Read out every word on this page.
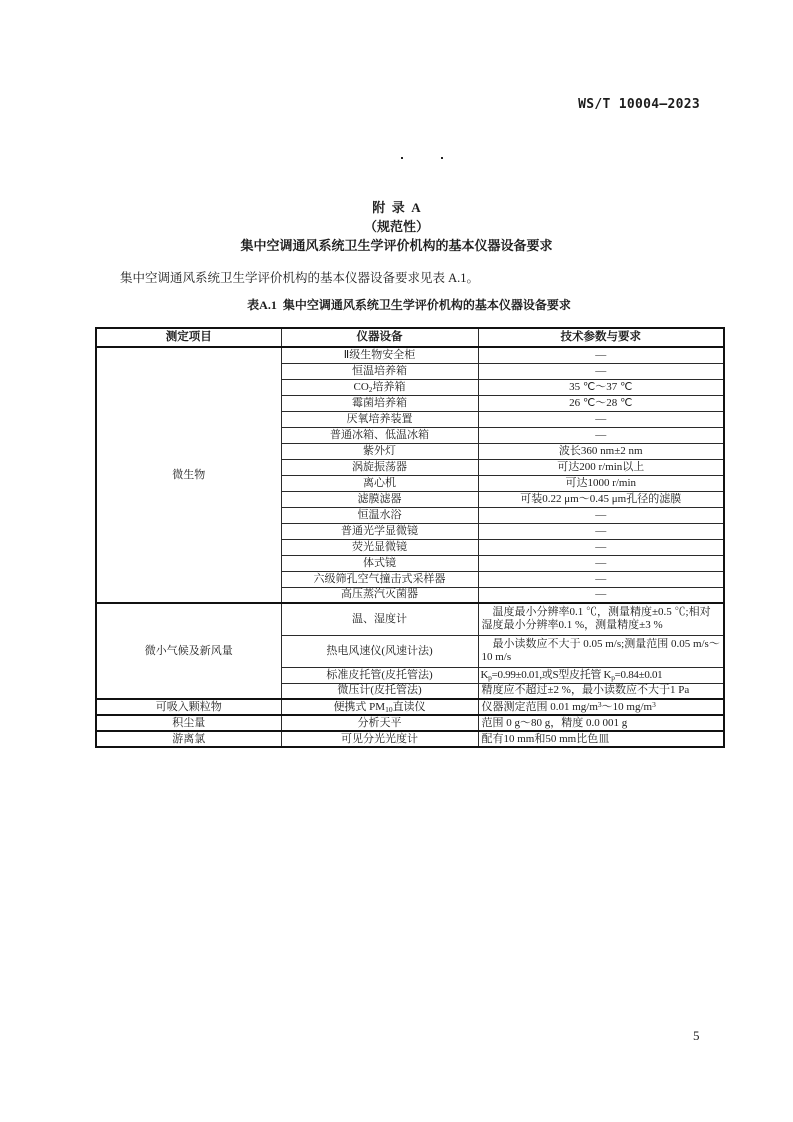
WS/T 10004—2023
附  录  A
（规范性）
集中空调通风系统卫生学评价机构的基本仪器设备要求
集中空调通风系统卫生学评价机构的基本仪器设备要求见表 A.1。
表A.1  集中空调通风系统卫生学评价机构的基本仪器设备要求
测定项目	仪器设备	技术参数与要求
微生物	Ⅱ级生物安全柜	—
	恒温培养箱	—
	$CO_2$培养箱	35 ℃～37 ℃
	霉菌培养箱	26 ℃～28 ℃
	厌氧培养装置	—
	普通冰箱、低温冰箱	—
	紫外灯	波长360 nm±2 nm
	涡旋振荡器	可达200 r/min以上
	离心机	可达1000 r/min
	滤膜滤器	可装0.22 μm～0.45 μm孔径的滤膜
	恒温水浴	—
	普通光学显微镜	—
	荧光显微镜	—
	体式镜	—
	六级筛孔空气撞击式采样器	—
	高压蒸汽灭菌器	—
微小气候及新风量	温、湿度计	温度最小分辨率0.1 ℃，测量精度±0.5 ℃;相对湿度最小分辨率0.1 %，测量精度±3 %
	热电风速仪(风速计法)	最小读数应不大于 0.05 m/s;测量范围 0.05 m/s～10 m/s
	标准皮托管(皮托管法)	$K_p=0.99\pm 0.01$,或S型皮托管 $K_p=0.84\pm 0.01$
	微压计(皮托管法)	精度应不超过±2 %，最小读数应不大于1 Pa
可吸入颗粒物	便携式 $PM_{10}$直读仪	仪器测定范围 0.01 $mg/m^3\sim 10$ $mg/m^3$
积尘量	分析天平	范围 0 g～80 g，精度 0.0 001 g
游离氯	可见分光光度计	配有10 mm和50 mm比色皿
5
